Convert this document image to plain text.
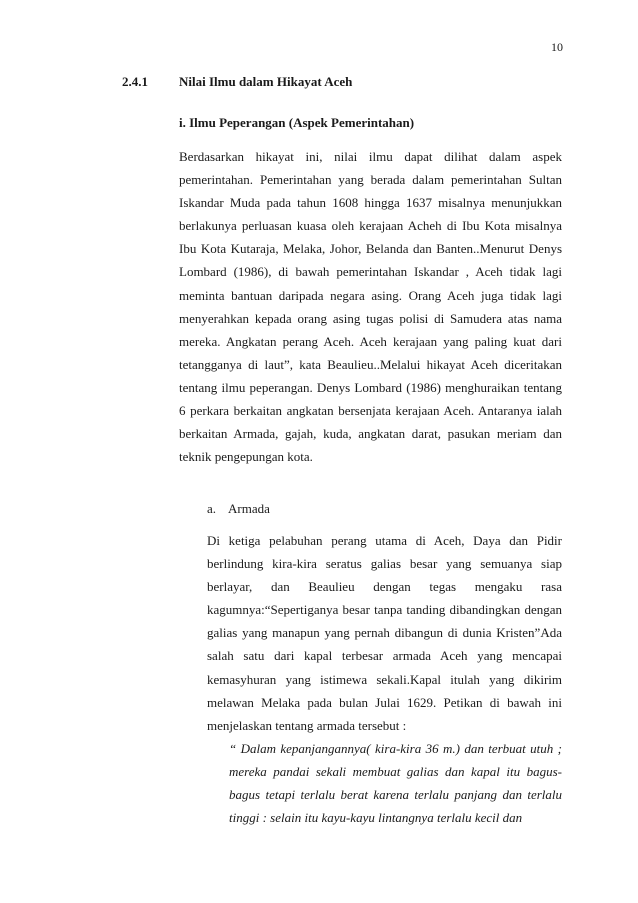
10
2.4.1 Nilai Ilmu dalam Hikayat Aceh
i. Ilmu Peperangan (Aspek Pemerintahan)

Berdasarkan hikayat ini, nilai ilmu dapat dilihat dalam aspek pemerintahan. Pemerintahan yang berada dalam pemerintahan Sultan Iskandar Muda pada tahun 1608 hingga 1637 misalnya menunjukkan berlakunya perluasan kuasa oleh kerajaan Acheh di Ibu Kota misalnya Ibu Kota Kutaraja, Melaka, Johor, Belanda dan Banten..Menurut Denys Lombard (1986), di bawah pemerintahan Iskandar , Aceh tidak lagi meminta bantuan daripada negara asing. Orang Aceh juga tidak lagi menyerahkan kepada orang asing tugas polisi di Samudera atas nama mereka. Angkatan perang Aceh. Aceh kerajaan yang paling kuat dari tetangganya di laut”, kata Beaulieu..Melalui hikayat Aceh diceritakan tentang ilmu peperangan. Denys Lombard (1986) menghuraikan tentang 6 perkara berkaitan angkatan bersenjata kerajaan Aceh. Antaranya ialah berkaitan Armada, gajah, kuda, angkatan darat, pasukan meriam dan teknik pengepungan kota.

a. Armada

Di ketiga pelabuhan perang utama di Aceh, Daya dan Pidir berlindung kira-kira seratus galias besar yang semuanya siap berlayar, dan Beaulieu dengan tegas mengaku rasa kagumnya:“Sepertiganya besar tanpa tanding dibandingkan dengan galias yang manapun yang pernah dibangun di dunia Kristen”Ada salah satu dari kapal terbesar armada Aceh yang mencapai kemasyhuran yang istimewa sekali.Kapal itulah yang dikirim melawan Melaka pada bulan Julai 1629. Petikan di bawah ini menjelaskan tentang armada tersebut :

“ Dalam kepanjangannya( kira-kira 36 m.) dan terbuat utuh ; mereka pandai sekali membuat galias dan kapal itu bagus-bagus tetapi terlalu berat karena terlalu panjang dan terlalu tinggi : selain itu kayu-kayu lintangnya terlalu kecil dan
